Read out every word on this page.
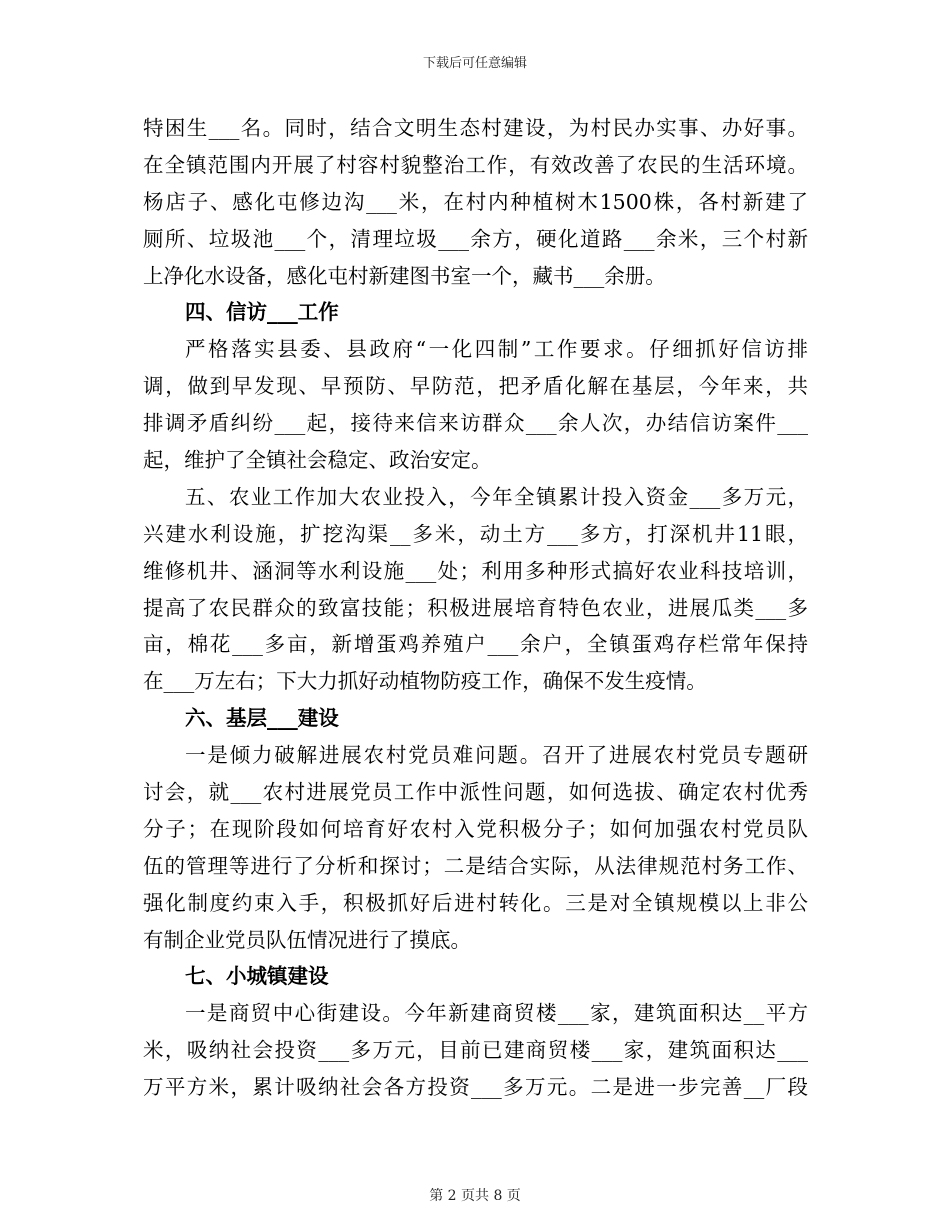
下载后可任意编辑
特困生___名。同时，结合文明生态村建设，为村民办实事、办好事。
在全镇范围内开展了村容村貌整治工作，有效改善了农民的生活环境。
杨店子、感化屯修边沟___米，在村内种植树木1500株，各村新建了
厕所、垃圾池___个，清理垃圾___余方，硬化道路___余米，三个村新
上净化水设备，感化屯村新建图书室一个，藏书___余册。
四、信访___工作
严格落实县委、县政府“一化四制”工作要求。仔细抓好信访排
调，做到早发现、早预防、早防范，把矛盾化解在基层，今年来，共
排调矛盾纠纷___起，接待来信来访群众___余人次，办结信访案件___
起，维护了全镇社会稳定、政治安定。
五、农业工作加大农业投入，今年全镇累计投入资金___多万元，
兴建水利设施，扩挖沟渠__多米，动土方___多方，打深机井11眼，
维修机井、涵洞等水利设施___处；利用多种形式搞好农业科技培训，
提高了农民群众的致富技能；积极进展培育特色农业，进展瓜类___多
亩，棉花___多亩，新增蛋鸡养殖户___余户，全镇蛋鸡存栏常年保持
在___万左右；下大力抓好动植物防疫工作，确保不发生疫情。
六、基层___建设
一是倾力破解进展农村党员难问题。召开了进展农村党员专题研
讨会，就___农村进展党员工作中派性问题，如何选拔、确定农村优秀
分子；在现阶段如何培育好农村入党积极分子；如何加强农村党员队
伍的管理等进行了分析和探讨；二是结合实际，从法律规范村务工作、
强化制度约束入手，积极抓好后进村转化。三是对全镇规模以上非公
有制企业党员队伍情况进行了摸底。
七、小城镇建设
一是商贸中心街建设。今年新建商贸楼___家，建筑面积达__平方
米，吸纳社会投资___多万元，目前已建商贸楼___家，建筑面积达___
万平方米，累计吸纳社会各方投资___多万元。二是进一步完善__厂段
第 2 页共 8 页
